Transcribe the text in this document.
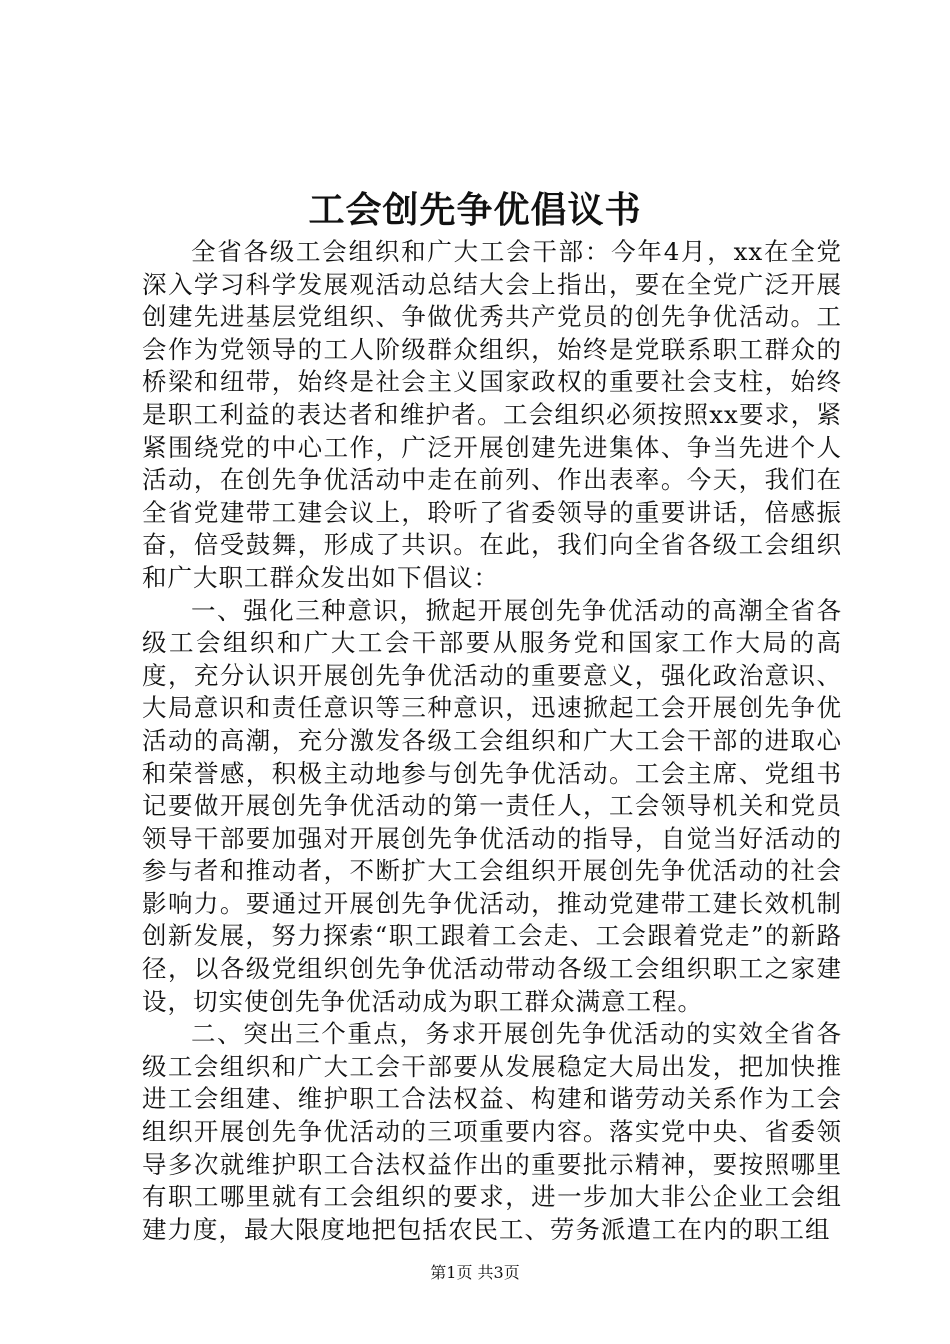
工会创先争优倡议书

全省各级工会组织和广大工会干部：今年4月，xx在全党深入学习科学发展观活动总结大会上指出，要在全党广泛开展创建先进基层党组织、争做优秀共产党员的创先争优活动。工会作为党领导的工人阶级群众组织，始终是党联系职工群众的桥梁和纽带，始终是社会主义国家政权的重要社会支柱，始终是职工利益的表达者和维护者。工会组织必须按照xx要求，紧紧围绕党的中心工作，广泛开展创建先进集体、争当先进个人活动，在创先争优活动中走在前列、作出表率。今天，我们在全省党建带工建会议上，聆听了省委领导的重要讲话，倍感振奋，倍受鼓舞，形成了共识。在此，我们向全省各级工会组织和广大职工群众发出如下倡议：

一、强化三种意识，掀起开展创先争优活动的高潮全省各级工会组织和广大工会干部要从服务党和国家工作大局的高度，充分认识开展创先争优活动的重要意义，强化政治意识、大局意识和责任意识等三种意识，迅速掀起工会开展创先争优活动的高潮，充分激发各级工会组织和广大工会干部的进取心和荣誉感，积极主动地参与创先争优活动。工会主席、党组书记要做开展创先争优活动的第一责任人，工会领导机关和党员领导干部要加强对开展创先争优活动的指导，自觉当好活动的参与者和推动者，不断扩大工会组织开展创先争优活动的社会影响力。要通过开展创先争优活动，推动党建带工建长效机制创新发展，努力探索“职工跟着工会走、工会跟着党走”的新路径，以各级党组织创先争优活动带动各级工会组织职工之家建设，切实使创先争优活动成为职工群众满意工程。

二、突出三个重点，务求开展创先争优活动的实效全省各级工会组织和广大工会干部要从发展稳定大局出发，把加快推进工会组建、维护职工合法权益、构建和谐劳动关系作为工会组织开展创先争优活动的三项重要内容。落实党中央、省委领导多次就维护职工合法权益作出的重要批示精神，要按照哪里有职工哪里就有工会组织的要求，进一步加大非公企业工会组建力度，最大限度地把包括农民工、劳务派遣工在内的职工组

第1页 共3页
